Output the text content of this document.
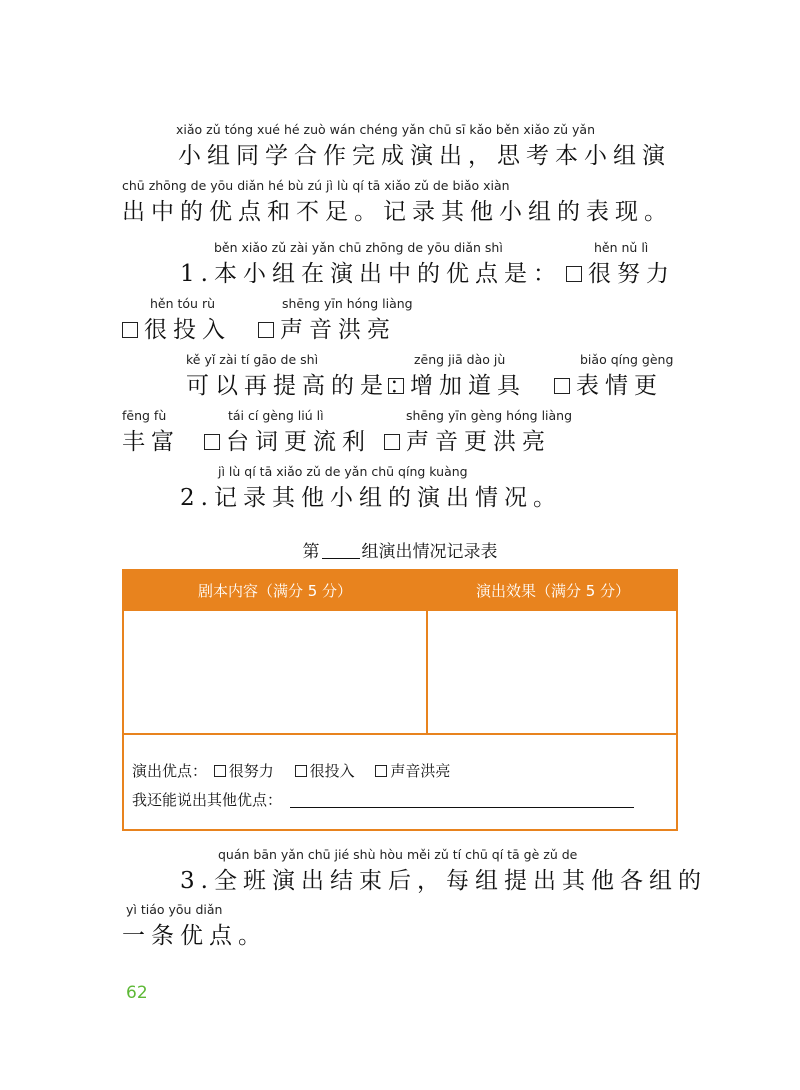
xiǎo zǔ tóng xué hé zuò wán chéng yǎn chū sī kǎo běn xiǎo zǔ yǎn
小组同学合作完成演出，思考本小组演
chū zhōng de yōu diǎn hé bù zú jì lù qí tā xiǎo zǔ de biǎo xiàn
出中的优点和不足。记录其他小组的表现。
běn xiǎo zǔ zài yǎn chū zhōng de yōu diǎn shì
1.本小组在演出中的优点是：
hěn nǔ lì
很努力
hěn tóu rù
很投入
shēng yīn hóng liàng
声音洪亮
kě yǐ zài tí gāo de shì
可以再提高的是：
zēng jiā dào jù
增加道具
biǎo qíng gèng
表情更
fēng fù
丰富
tái cí gèng liú lì
台词更流利
shēng yīn gèng hóng liàng
声音更洪亮
jì lù qí tā xiǎo zǔ de yǎn chū qíng kuàng
2.记录其他小组的演出情况。
第 组演出情况记录表
剧本内容（满分 5 分）	演出效果（满分 5 分）
演出优点： 很努力 很投入 声音洪亮
我还能说出其他优点：
quán bān yǎn chū jié shù hòu měi zǔ tí chū qí tā gè zǔ de
3.全班演出结束后，每组提出其他各组的
yì tiáo yōu diǎn
一条优点。
62
